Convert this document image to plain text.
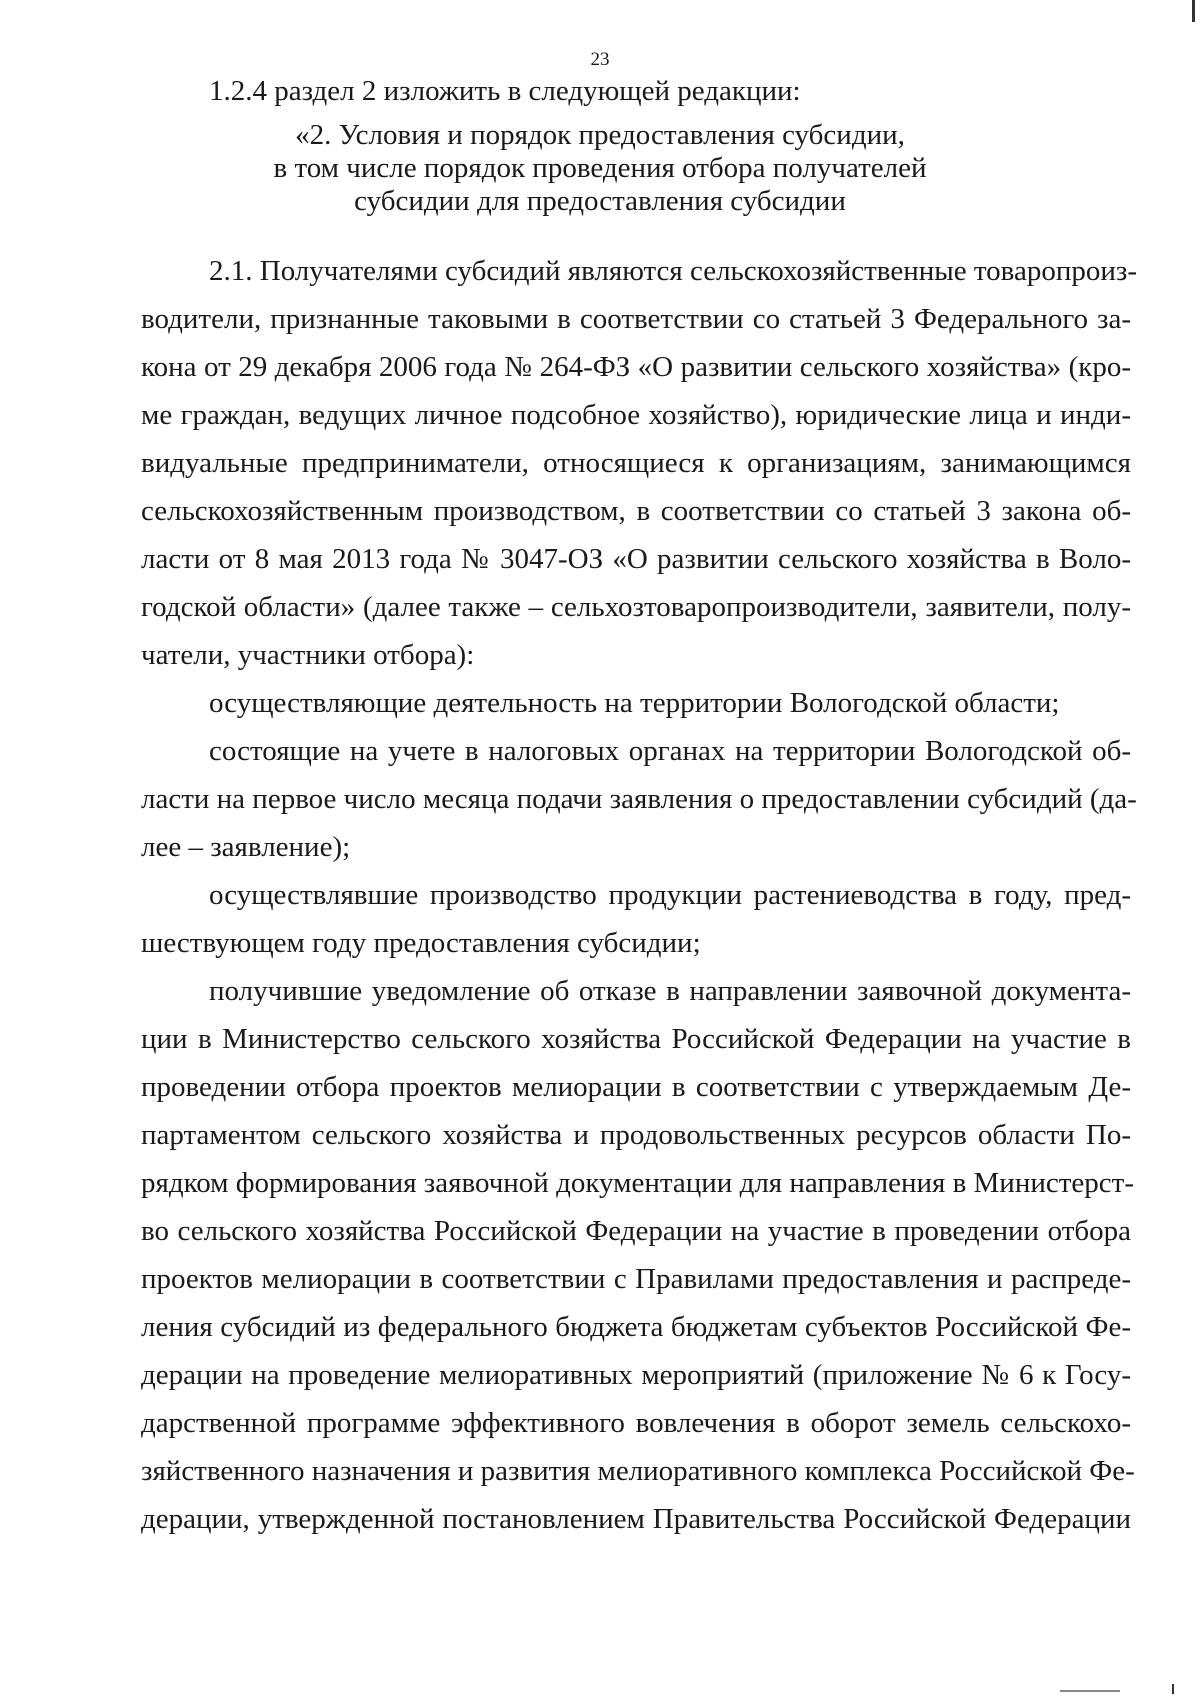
23
1.2.4 раздел 2 изложить в следующей редакции:
«2. Условия и порядок предоставления субсидии,
в том числе порядок проведения отбора получателей
субсидии для предоставления субсидии
2.1. Получателями субсидий являются сельскохозяйственные товаропроиз-
водители, признанные таковыми в соответствии со статьей 3 Федерального за-
кона от 29 декабря 2006 года № 264-ФЗ «О развитии сельского хозяйства» (кро-
ме граждан, ведущих личное подсобное хозяйство), юридические лица и инди-
видуальные предприниматели, относящиеся к организациям, занимающимся
сельскохозяйственным производством, в соответствии со статьей 3 закона об-
ласти от 8 мая 2013 года № 3047-ОЗ «О развитии сельского хозяйства в Воло-
годской области» (далее также – сельхозтоваропроизводители, заявители, полу-
чатели, участники отбора):
осуществляющие деятельность на территории Вологодской области;
состоящие на учете в налоговых органах на территории Вологодской об-
ласти на первое число месяца подачи заявления о предоставлении субсидий (да-
лее – заявление);
осуществлявшие производство продукции растениеводства в году, пред-
шествующем году предоставления субсидии;
получившие уведомление об отказе в направлении заявочной документа-
ции в Министерство сельского хозяйства Российской Федерации на участие в
проведении отбора проектов мелиорации в соответствии с утверждаемым Де-
партаментом сельского хозяйства и продовольственных ресурсов области По-
рядком формирования заявочной документации для направления в Министерст-
во сельского хозяйства Российской Федерации на участие в проведении отбора
проектов мелиорации в соответствии с Правилами предоставления и распреде-
ления субсидий из федерального бюджета бюджетам субъектов Российской Фе-
дерации на проведение мелиоративных мероприятий (приложение № 6 к Госу-
дарственной программе эффективного вовлечения в оборот земель сельскохо-
зяйственного назначения и развития мелиоративного комплекса Российской Фе-
дерации, утвержденной постановлением Правительства Российской Федерации
